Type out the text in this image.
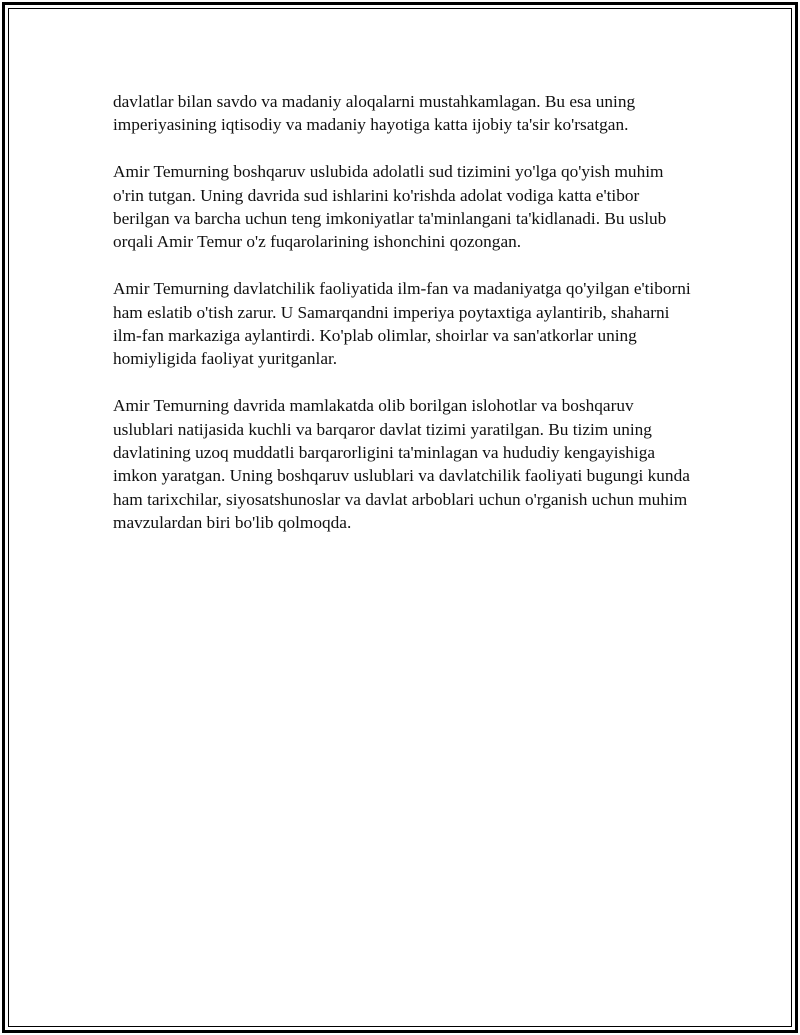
davlatlar bilan savdo va madaniy aloqalarni mustahkamlagan. Bu esa uning imperiyasining iqtisodiy va madaniy hayotiga katta ijobiy ta'sir ko'rsatgan.

Amir Temurning boshqaruv uslubida adolatli sud tizimini yo'lga qo'yish muhim o'rin tutgan. Uning davrida sud ishlarini ko'rishda adolat vodiga katta e'tibor berilgan va barcha uchun teng imkoniyatlar ta'minlangani ta'kidlanadi. Bu uslub orqali Amir Temur o'z fuqarolarining ishonchini qozongan.

Amir Temurning davlatchilik faoliyatida ilm-fan va madaniyatga qo'yilgan e'tiborni ham eslatib o'tish zarur. U Samarqandni imperiya poytaxtiga aylantirib, shaharni ilm-fan markaziga aylantirdi. Ko'plab olimlar, shoirlar va san'atkorlar uning homiyligida faoliyat yuritganlar.

Amir Temurning davrida mamlakatda olib borilgan islohotlar va boshqaruv uslublari natijasida kuchli va barqaror davlat tizimi yaratilgan. Bu tizim uning davlatining uzoq muddatli barqarorligini ta'minlagan va hududiy kengayishiga imkon yaratgan. Uning boshqaruv uslublari va davlatchilik faoliyati bugungi kunda ham tarixchilar, siyosatshunoslar va davlat arboblari uchun o'rganish uchun muhim mavzulardan biri bo'lib qolmoqda.
